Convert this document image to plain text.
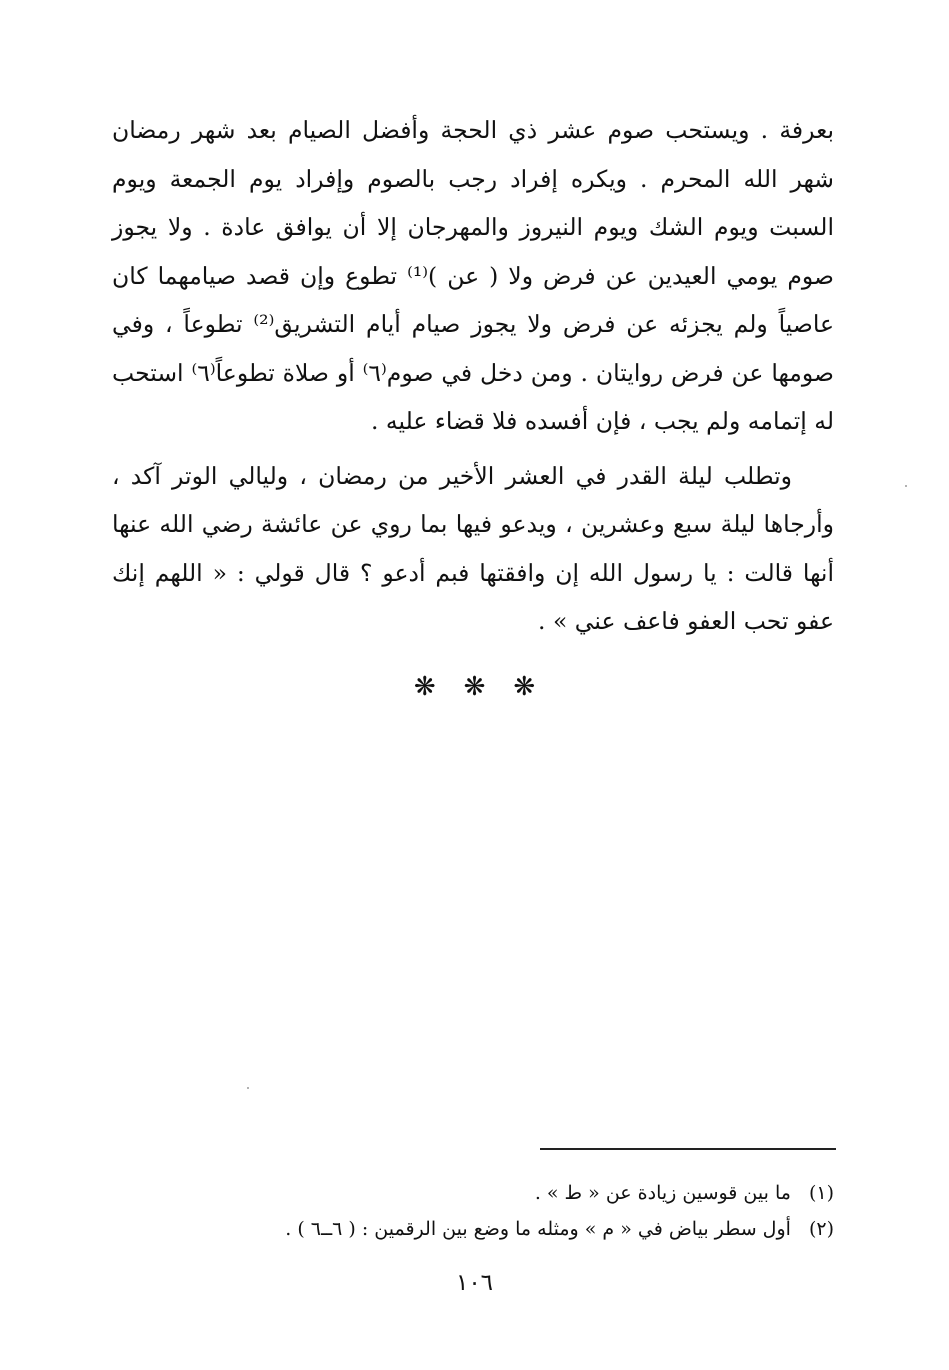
بعرفة . ويستحب صوم عشر ذي الحجة وأفضل الصيام بعد شهر رمضان شهر الله المحرم . ويكره إفراد رجب بالصوم وإفراد يوم الجمعة ويوم السبت ويوم الشك ويوم النيروز والمهرجان إلا أن يوافق عادة . ولا يجوز صوم يومي العيدين عن فرض ولا ( عن )⁽¹⁾ تطوع وإن قصد صيامهما كان عاصياً ولم يجزئه عن فرض ولا يجوز صيام أيام التشريق⁽²⁾ تطوعاً ، وفي صومها عن فرض روايتان . ومن دخل في صوم⁽٦⁾ أو صلاة تطوعاً⁽٦⁾ استحب له إتمامه ولم يجب ، فإن أفسده فلا قضاء عليه .

وتطلب ليلة القدر في العشر الأخير من رمضان ، وليالي الوتر آكد ، وأرجاها ليلة سبع وعشرين ، ويدعو فيها بما روي عن عائشة رضي الله عنها أنها قالت : يا رسول الله إن وافقتها فبم أدعو ؟ قال قولي : « اللهم إنك عفو تحب العفو فاعف عني » .

❋❋❋
(١)ما بين قوسين زيادة عن « ط » .
(٢)أول سطر بياض في « م » ومثله ما وضع بين الرقمين : ( ٦ــ٦ ) .
١٠٦
